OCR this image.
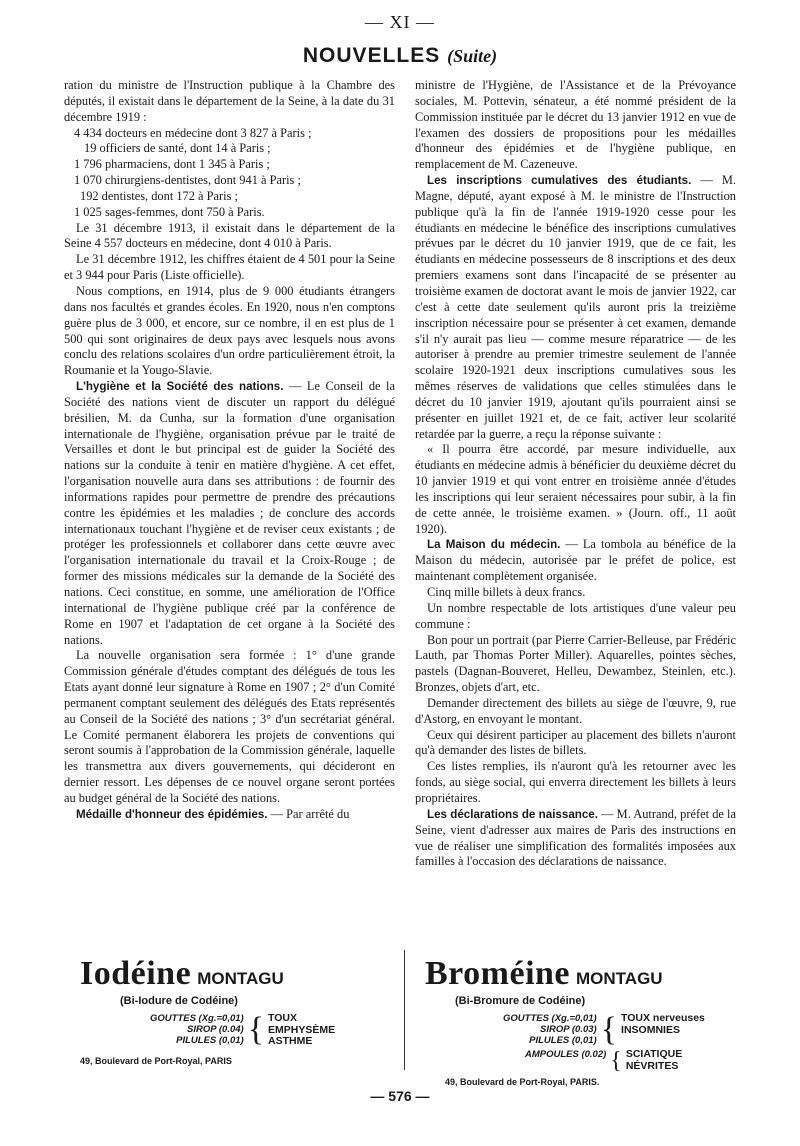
— XI —
NOUVELLES (Suite)

ration du ministre de l'Instruction publique à la Chambre des députés, il existait dans le département de la Seine, à la date du 31 décembre 1919 :

4 434 docteurs en médecine dont 3 827 à Paris ;

19 officiers de santé, dont 14 à Paris ;

1 796 pharmaciens, dont 1 345 à Paris ;

1 070 chirurgiens-dentistes, dont 941 à Paris ;

192 dentistes, dont 172 à Paris ;

1 025 sages-femmes, dont 750 à Paris.

Le 31 décembre 1913, il existait dans le département de la Seine 4 557 docteurs en médecine, dont 4 010 à Paris.

Le 31 décembre 1912, les chiffres étaient de 4 501 pour la Seine et 3 944 pour Paris (Liste officielle).

Nous comptions, en 1914, plus de 9 000 étudiants étrangers dans nos facultés et grandes écoles. En 1920, nous n'en comptons guère plus de 3 000, et encore, sur ce nombre, il en est plus de 1 500 qui sont originaires de deux pays avec lesquels nous avons conclu des relations scolaires d'un ordre particulièrement étroit, la Roumanie et la Yougo-Slavie.

L'hygiène et la Société des nations. — Le Conseil de la Société des nations vient de discuter un rapport du délégué brésilien, M. da Cunha, sur la formation d'une organisation internationale de l'hygiène, organisation prévue par le traité de Versailles et dont le but principal est de guider la Société des nations sur la conduite à tenir en matière d'hygiène. A cet effet, l'organisation nouvelle aura dans ses attributions : de fournir des informations rapides pour permettre de prendre des précautions contre les épidémies et les maladies ; de conclure des accords internationaux touchant l'hygiène et de reviser ceux existants ; de protéger les professionnels et collaborer dans cette œuvre avec l'organisation internationale du travail et la Croix-Rouge ; de former des missions médicales sur la demande de la Société des nations. Ceci constitue, en somme, une amélioration de l'Office international de l'hygiène publique créé par la conférence de Rome en 1907 et l'adaptation de cet organe à la Société des nations.

La nouvelle organisation sera formée : 1° d'une grande Commission générale d'études comptant des délégués de tous les Etats ayant donné leur signature à Rome en 1907 ; 2° d'un Comité permanent comptant seulement des délégués des Etats représentés au Conseil de la Société des nations ; 3° d'un secrétariat général. Le Comité permanent élaborera les projets de conventions qui seront soumis à l'approbation de la Commission générale, laquelle les transmettra aux divers gouvernements, qui décideront en dernier ressort. Les dépenses de ce nouvel organe seront portées au budget général de la Société des nations.

Médaille d'honneur des épidémies. — Par arrêté du

ministre de l'Hygiène, de l'Assistance et de la Prévoyance sociales, M. Pottevin, sénateur, a été nommé président de la Commission instituée par le décret du 13 janvier 1912 en vue de l'examen des dossiers de propositions pour les médailles d'honneur des épidémies et de l'hygiène publique, en remplacement de M. Cazeneuve.

Les inscriptions cumulatives des étudiants. — M. Magne, député, ayant exposé à M. le ministre de l'Instruction publique qu'à la fin de l'année 1919-1920 cesse pour les étudiants en médecine le bénéfice des inscriptions cumulatives prévues par le décret du 10 janvier 1919, que de ce fait, les étudiants en médecine possesseurs de 8 inscriptions et des deux premiers examens sont dans l'incapacité de se présenter au troisième examen de doctorat avant le mois de janvier 1922, car c'est à cette date seulement qu'ils auront pris la treizième inscription nécessaire pour se présenter à cet examen, demande s'il n'y aurait pas lieu — comme mesure réparatrice — de les autoriser à prendre au premier trimestre seulement de l'année scolaire 1920-1921 deux inscriptions cumulatives sous les mêmes réserves de validations que celles stimulées dans le décret du 10 janvier 1919, ajoutant qu'ils pourraient ainsi se présenter en juillet 1921 et, de ce fait, activer leur scolarité retardée par la guerre, a reçu la réponse suivante :

« Il pourra être accordé, par mesure individuelle, aux étudiants en médecine admis à bénéficier du deuxième décret du 10 janvier 1919 et qui vont entrer en troisième année d'études les inscriptions qui leur seraient nécessaires pour subir, à la fin de cette année, le troisième examen. » (Journ. off., 11 août 1920).

La Maison du médecin. — La tombola au bénéfice de la Maison du médecin, autorisée par le préfet de police, est maintenant complètement organisée.

Cinq mille billets à deux francs.

Un nombre respectable de lots artistiques d'une valeur peu commune :

Bon pour un portrait (par Pierre Carrier-Belleuse, par Frédéric Lauth, par Thomas Porter Miller). Aquarelles, pointes sèches, pastels (Dagnan-Bouveret, Helleu, Dewambez, Steinlen, etc.). Bronzes, objets d'art, etc.

Demander directement des billets au siège de l'œuvre, 9, rue d'Astorg, en envoyant le montant.

Ceux qui désirent participer au placement des billets n'auront qu'à demander des listes de billets.

Ces listes remplies, ils n'auront qu'à les retourner avec les fonds, au siège social, qui enverra directement les billets à leurs propriétaires.

Les déclarations de naissance. — M. Autrand, préfet de la Seine, vient d'adresser aux maires de Paris des instructions en vue de réaliser une simplification des formalités imposées aux familles à l'occasion des déclarations de naissance.

Iodéine MONTAGU
(Bi-Iodure de Codéine)
GOUTTES (Xg.=0,01)
SIROP (0.04)
PILULES (0,01) { TOUX
EMPHYSÈME
ASTHME
49, Boulevard de Port-Royal, PARIS
Broméine MONTAGU
(Bi-Bromure de Codéine)
GOUTTES (Xg.=0,01)
SIROP (0.03)
PILULES (0,01) { TOUX nerveuses
INSOMNIES
AMPOULES (0.02) { SCIATIQUE
NÉVRITES
49, Boulevard de Port-Royal, PARIS.
— 576 —
